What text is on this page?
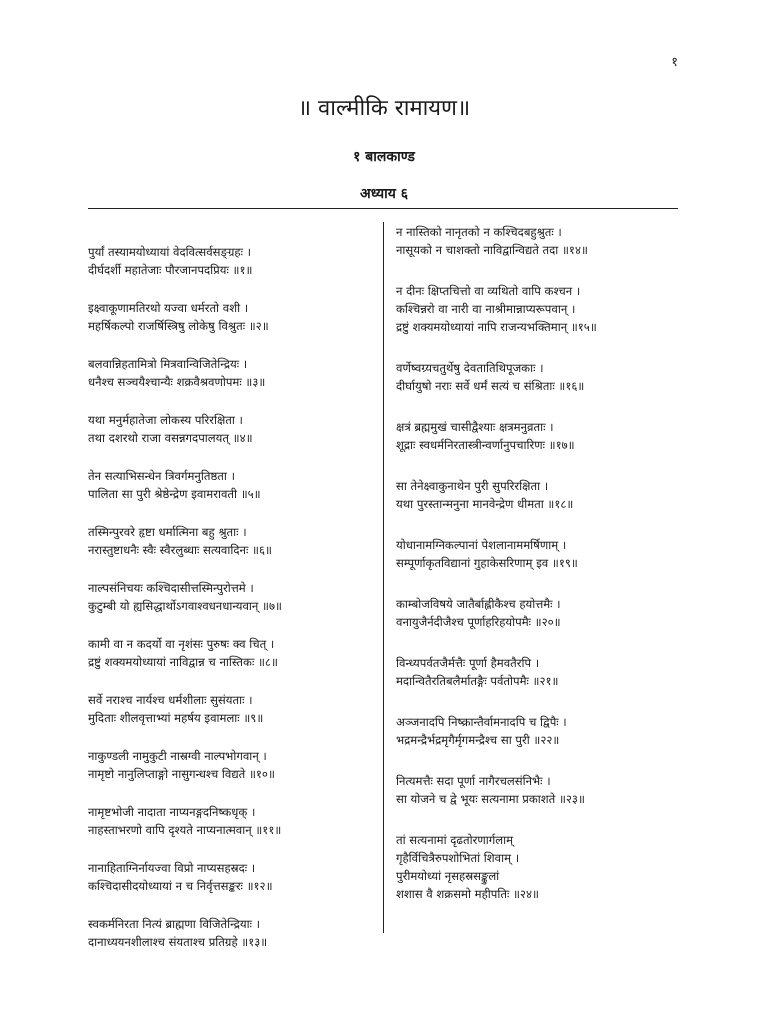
१
॥ वाल्मीकि रामायण॥
१ बालकाण्ड
अध्याय ६
पुर्यां तस्यामयोध्यायां वेदवित्सर्वसङ्ग्रहः ।
दीर्घदर्शी महातेजाः पौरजानपदप्रियः ॥१॥
इक्ष्वाकूणामतिरथो यज्वा धर्मरतो वशी ।
महर्षिकल्पो राजर्षिस्त्रिषु लोकेषु विश्रुतः ॥२॥
बलवान्निहतामित्रो मित्रवान्विजितेन्द्रियः ।
धनैश्च सञ्चयैश्चान्यैः शक्रवैश्रवणोपमः ॥३॥
यथा मनुर्महातेजा लोकस्य परिरक्षिता ।
तथा दशरथो राजा वसन्नगदपालयत् ॥४॥
तेन सत्याभिसन्धेन त्रिवर्गमनुतिष्ठता ।
पालिता सा पुरी श्रेष्ठेन्द्रेण इवामरावती ॥५॥
तस्मिन्पुरवरे हृष्टा धर्मात्मिना बहु श्रुताः ।
नरास्तुष्टाधनैः स्वैः स्वैरलुब्धाः सत्यवादिनः ॥६॥
नाल्पसंनिचयः कश्चिदासीत्तस्मिन्पुरोत्तमे ।
कुटुम्बी यो ह्यसिद्धार्थोऽगवाश्वधनधान्यवान् ॥७॥
कामी वा न कदर्यो वा नृशंसः पुरुषः क्व चित् ।
द्रष्टुं शक्यमयोध्यायां नाविद्वान्न च नास्तिकः ॥८॥
सर्वे नराश्च नार्यश्च धर्मशीलाः सुसंयताः ।
मुदिताः शीलवृत्ताभ्यां महर्षय इवामलाः ॥९॥
नाकुण्डली नामुकुटी नास्रग्वी नाल्पभोगवान् ।
नामृष्टो नानुलिप्ताङ्गो नासुगन्धश्च विद्यते ॥१०॥
नामृष्टभोजी नादाता नाप्यनङ्गदनिष्कधृक् ।
नाहस्ताभरणो वापि दृश्यते नाप्यनात्मवान् ॥११॥
नानाहिताग्निर्नायज्वा विप्रो नाप्यसहस्रदः ।
कश्चिदासीदयोध्यायां न च निर्वृत्तसङ्करः ॥१२॥
स्वकर्मनिरता नित्यं ब्राह्मणा विजितेन्द्रियाः ।
दानाध्ययनशीलाश्च संयताश्च प्रतिग्रहे ॥१३॥
न नास्तिको नानृतको न कश्चिदबहुश्रुतः ।
नासूयको न चाशक्तो नाविद्वान्विद्यते तदा ॥१४॥
न दीनः क्षिप्तचित्तो वा व्यथितो वापि कश्चन ।
कश्चिन्नरो वा नारी वा नाश्रीमान्नाप्यरूपवान् ।
द्रष्टुं शक्यमयोध्यायां नापि राजन्यभक्तिमान् ॥१५॥
वर्णेष्वग्र्यचतुर्थेषु देवतातिथिपूजकाः ।
दीर्घायुषो नराः सर्वे धर्मं सत्यं च संश्रिताः ॥१६॥
क्षत्रं ब्रह्ममुखं चासीद्वैश्याः क्षत्रमनुव्रताः ।
शूद्राः स्वधर्मनिरतास्त्रीन्वर्णानुपचारिणः ॥१७॥
सा तेनेक्ष्वाकुनाथेन पुरी सुपरिरक्षिता ।
यथा पुरस्तान्मनुना मानवेन्द्रेण धीमता ॥१८॥
योधानामग्निकल्पानां पेशलानाममर्षिणाम् ।
सम्पूर्णाकृतविद्यानां गुहाकेसरिणाम् इव ॥१९॥
काम्बोजविषये जातैर्बाह्लीकैश्च हयोत्तमैः ।
वनायुजैर्नदीजैश्च पूर्णाहरिहयोपमैः ॥२०॥
विन्ध्यपर्वतजैर्मत्तैः पूर्णा हैमवतैरपि ।
मदान्वितैरतिबलैर्मातङ्गैः पर्वतोपमैः ॥२१॥
अञ्जनादपि निष्क्रान्तैर्वामनादपि च द्विपैः ।
भद्रमन्द्रैर्भद्रमृगैर्मृगमन्द्रैश्च सा पुरी ॥२२॥
नित्यमत्तैः सदा पूर्णा नागैरचलसंनिभैः ।
सा योजने च द्वे भूयः सत्यनामा प्रकाशते ॥२३॥
तां सत्यनामां दृढतोरणार्गलाम्
गृहैर्विचित्रैरुपशोभितां शिवाम् ।
पुरीमयोध्यां नृसहस्रसङ्कुलां
शशास वै शक्रसमो महीपतिः ॥२४॥
